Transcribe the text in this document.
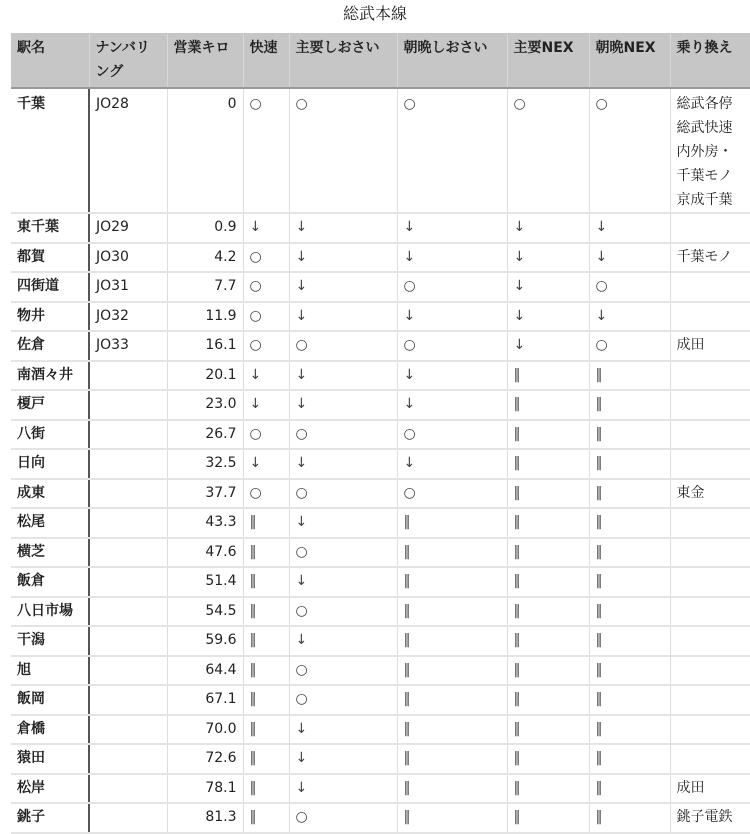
総武本線
駅名	ナンバリング	営業キロ	快速	主要しおさい	朝晩しおさい	主要NEX	朝晩NEX	乗り換え
千葉	JO28	0	○	○	○	○	○	総武各停
総武快速
内外房・
千葉モノ
京成千葉
東千葉	JO29	0.9	↓	↓	↓	↓	↓	
都賀	JO30	4.2	○	↓	↓	↓	↓	千葉モノ
四街道	JO31	7.7	○	↓	○	↓	○	
物井	JO32	11.9	○	↓	↓	↓	↓	
佐倉	JO33	16.1	○	○	○	↓	○	成田
南酒々井		20.1	↓	↓	↓	‖	‖	
榎戸		23.0	↓	↓	↓	‖	‖	
八街		26.7	○	○	○	‖	‖	
日向		32.5	↓	↓	↓	‖	‖	
成東		37.7	○	○	○	‖	‖	東金
松尾		43.3	‖	↓	‖	‖	‖	
横芝		47.6	‖	○	‖	‖	‖	
飯倉		51.4	‖	↓	‖	‖	‖	
八日市場		54.5	‖	○	‖	‖	‖	
干潟		59.6	‖	↓	‖	‖	‖	
旭		64.4	‖	○	‖	‖	‖	
飯岡		67.1	‖	○	‖	‖	‖	
倉橋		70.0	‖	↓	‖	‖	‖	
猿田		72.6	‖	↓	‖	‖	‖	
松岸		78.1	‖	↓	‖	‖	‖	成田
銚子		81.3	‖	○	‖	‖	‖	銚子電鉄
